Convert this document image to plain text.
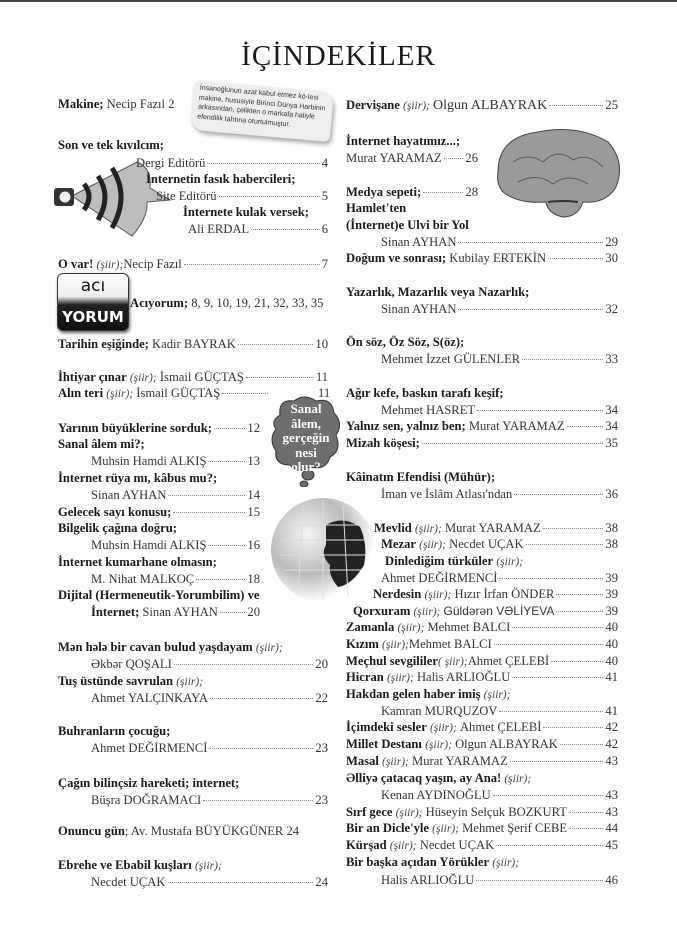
İÇİNDEKİLER
İnsanoğlunun azat kabul etmez kö-lesi makine, hususiyle Birinci Dünya Harbinin arkasından, çelikten o markafa haliyle efendilik tahtına oturtulmuştur.
acı
YORUM
Sanal
âlem,
gerçeğin
nesi
olur?
Makine; Necip Fazıl 2
Son ve tek kıvılcım;
Dergi Editörü	4
İnternetin fasık habercileri;
Site Editörü	5
İnternete kulak versek;
Ali ERDAL	6
O var!
(şiir); Necip Fazıl	7
Acıyorum; 8, 9, 10, 19, 21, 32, 33, 35
Tarihin eşiğinde;
Kadir BAYRAK	10
İhtiyar çınar
(şiir);
İsmail GÜÇTAŞ	11
Alın teri
(şiir);
İsmail GÜÇTAŞ	11
Yarının büyüklerine sorduk;	12
Sanal âlem mi?;
Muhsin Hamdi ALKIŞ	13
İnternet rüya mı, kâbus mu?;
Sinan AYHAN	14
Gelecek sayı konusu;	15
Bilgelik çağına doğru;
Muhsin Hamdi ALKIŞ	16
İnternet kumarhane olmasın;
M. Nihat MALKOÇ	18
Dijital (Hermeneutik-Yorumbilim) ve
İnternet;
Sinan AYHAN 20
Mən hələ bir cavan bulud yaşdayam (şiir);
Əkbər QOŞALI	20
Tuş üstünde savrulan (şiir);
Ahmet YALÇINKAYA	22
Buhranların çocuğu;
Ahmet DEĞİRMENCİ	23
Çağın bilinçsiz hareketi; internet;
Büşra DOĞRAMACI	23
Onuncu gün; Av. Mustafa BÜYÜKGÜNER 24
Ebrehe ve Ebabil kuşları (şiir);
Necdet UÇAK	24
Dervişane
(şiir);
Olgun ALBAYRAK	25
İnternet hayatımız...;
Murat YARAMAZ 26
Medya sepeti;	28
Hamlet'ten
(İnternet)e Ulvi bir Yol
Sinan AYHAN	29
Doğum ve sonrası;
Kubilay ERTEKİN	30
Yazarlık, Mazarlık veya Nazarlık;
Sinan AYHAN	32
Ön söz, Öz Söz, S(öz);
Mehmet İzzet GÜLENLER	33
Ağır kefe, baskın tarafı keşif;
Mehmet HASRET	34
Yalnız sen, yalnız ben;
Murat YARAMAZ	34
Mizah köşesi;	35
Kâinatın Efendisi (Mühür);
İman ve İslâm Atlası'ndan	36
Mevlid
(şiir);
Murat YARAMAZ	38
Mezar
(şiir);
Necdet UÇAK	38
Dinlediğim türküler (şiir);
Ahmet DEĞİRMENCİ	39
Nerdesin
(şiir);
Hızır İrfan ÖNDER	39
Qorxuram
(şiir);
Güldərən VƏLİYEVA	39
Zamanla
(şiir);
Mehmet BALCI	40
Kızım
(şiir); Mehmet BALCI	40
Meçhul sevgililer ( şiir); Ahmet ÇELEBİ	40
Hicran
(şiir);
Halis ARLIOĞLU	41
Hakdan gelen haber imiş (şiir);
Kamran MURQUZOV	41
İçimdeki sesler
(şiir);
Ahmet ÇELEBİ	42
Millet Destanı
(şiir);
Olgun ALBAYRAK	42
Masal
(şiir);
Murat YARAMAZ	43
Əlliyə çatacaq yaşın, ay Ana! (şiir);
Kenan AYDINOĞLU	43
Sırf gece
(şiir);
Hüseyin Selçuk BOZKURT	43
Bir an Dicle'yle
(şiir);
Mehmet Şerif CEBE	44
Kürşad
(şiir);
Necdet UÇAK	45
Bir başka açıdan Yörükler (şiir);
Halis ARLIOĞLU	46
